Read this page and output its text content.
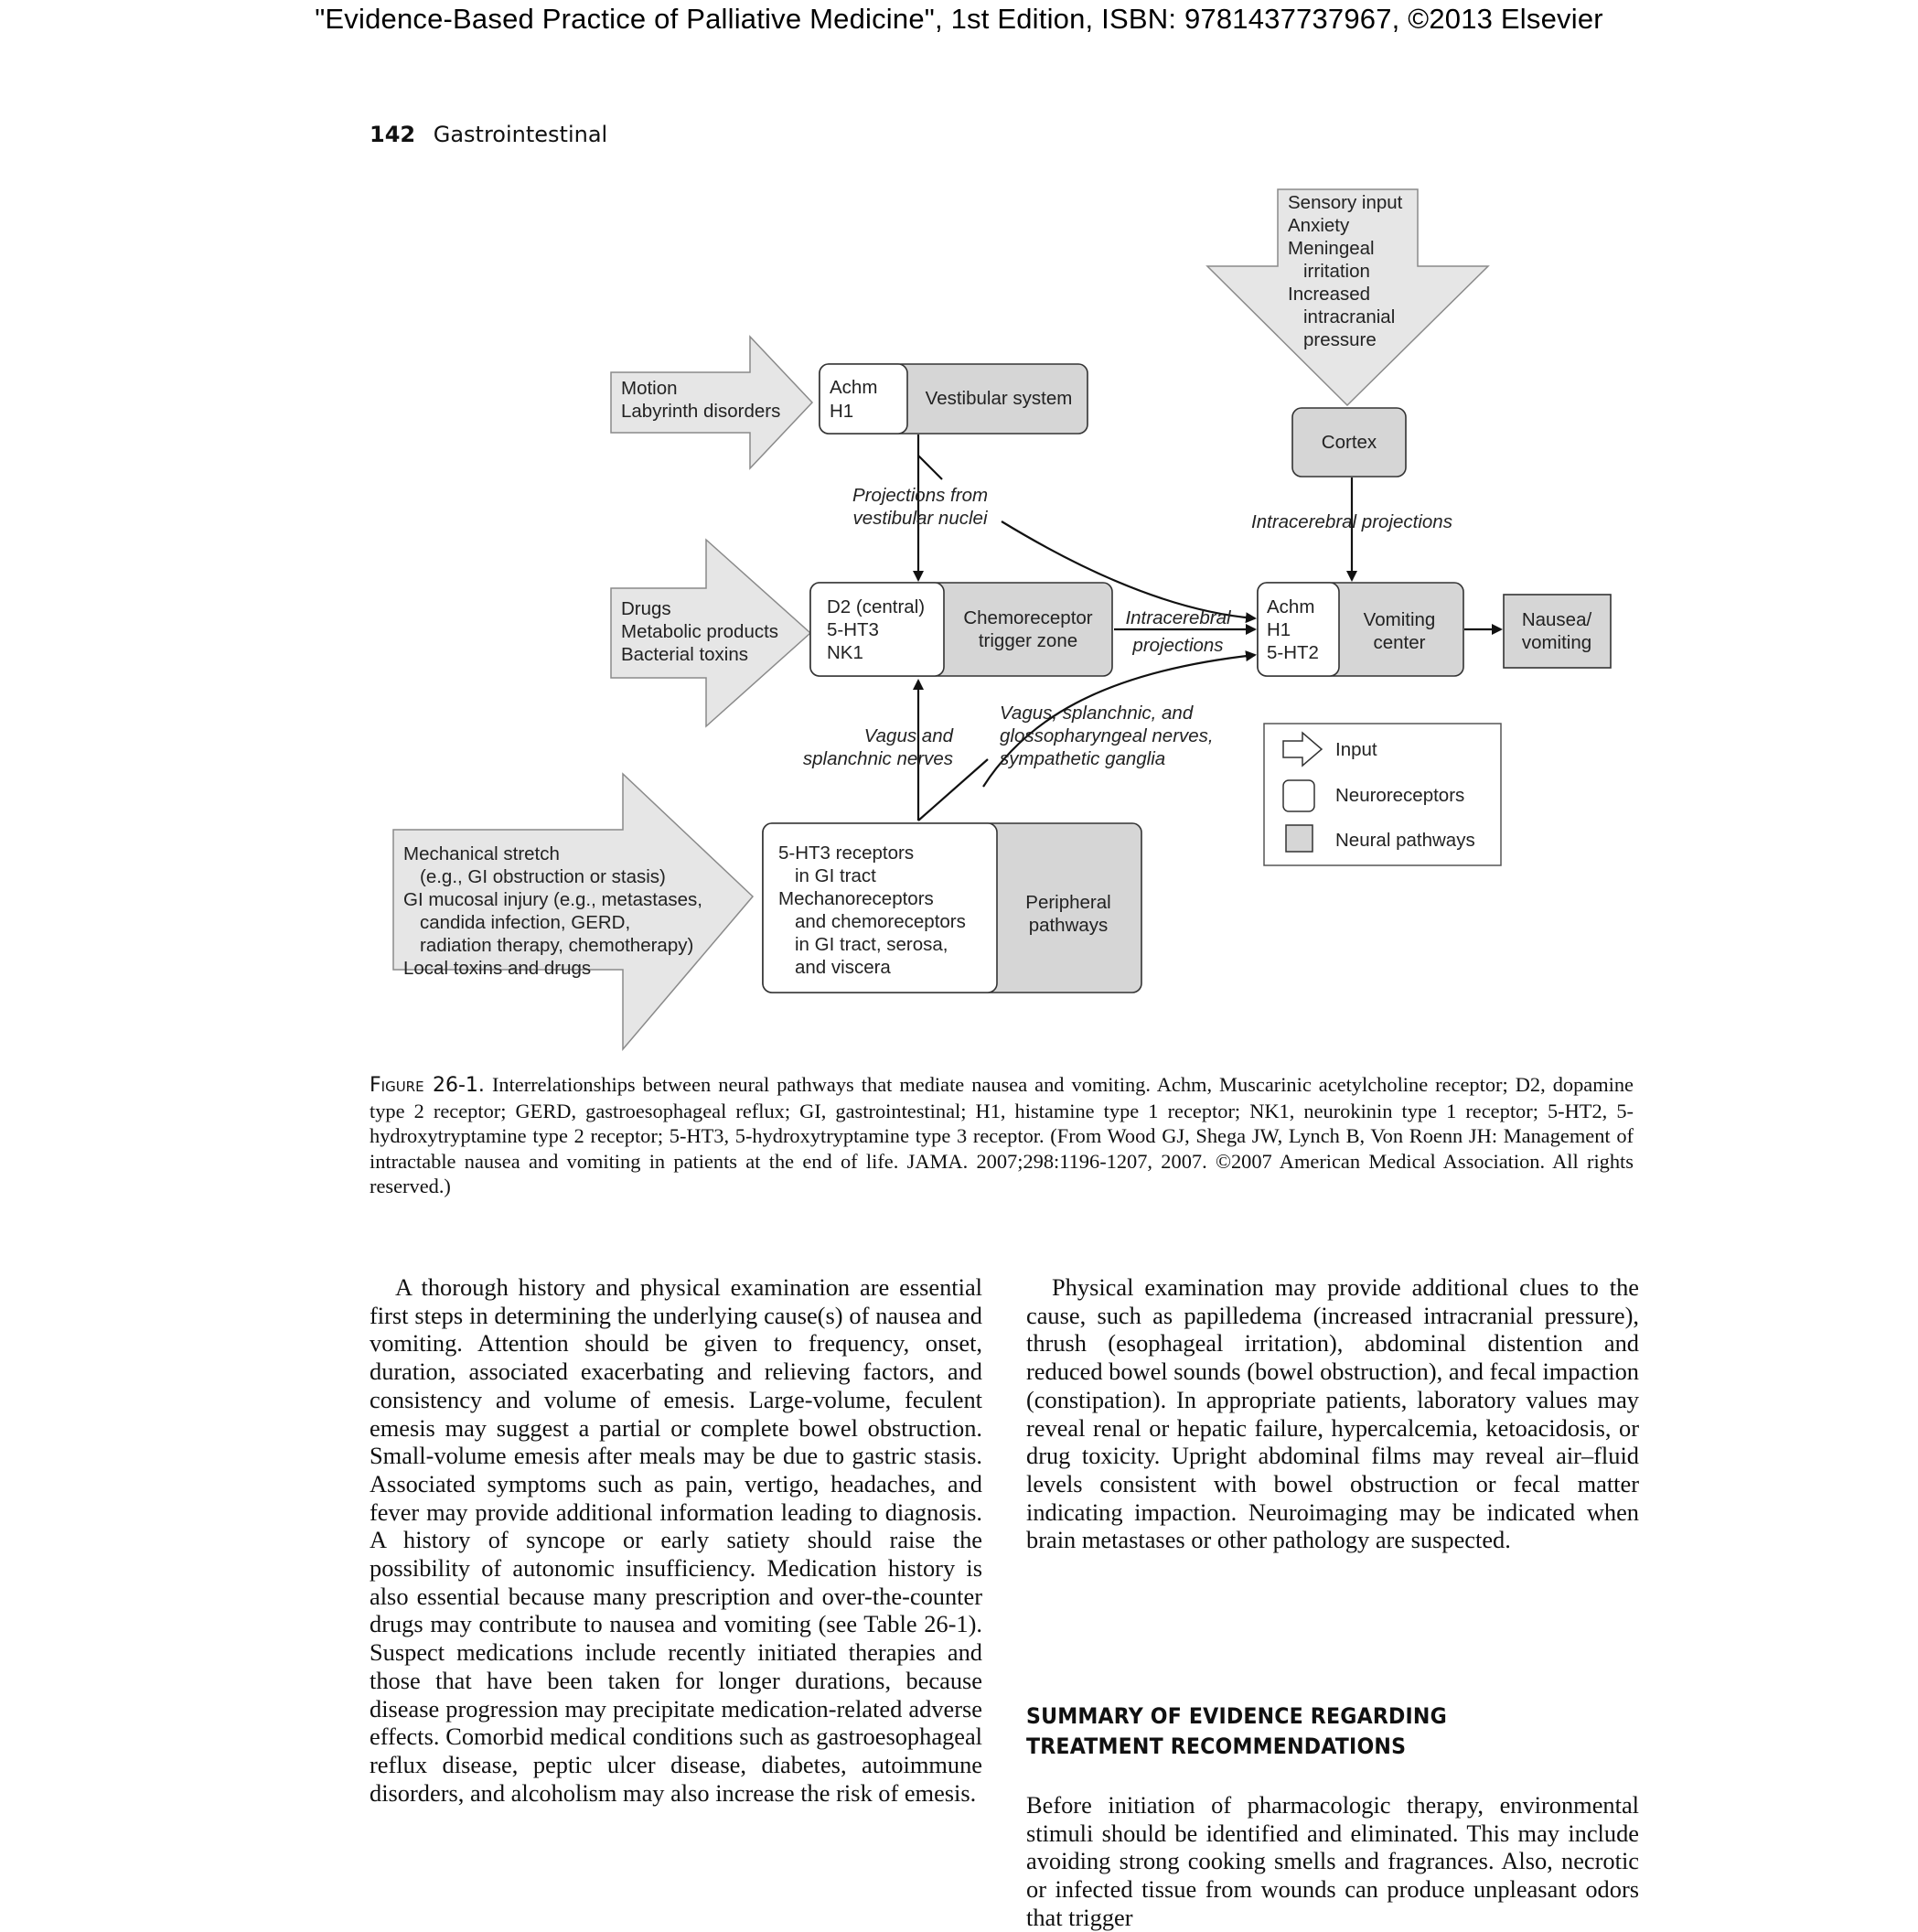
"Evidence-Based Practice of Palliative Medicine", 1st Edition, ISBN: 9781437737967, ©2013 Elsevier
142 Gastrointestinal
Motion Labyrinth disorders
Sensory input Anxiety Meningeal irritation Increased intracranial pressure
Drugs Metabolic products Bacterial toxins
Mechanical stretch (e.g., GI obstruction or stasis) GI mucosal injury (e.g., metastases, candida infection, GERD, radiation therapy, chemotherapy) Local toxins and drugs
Achm
H1
Vestibular system
Cortex
D2 (central)
5-HT3
NK1
Chemoreceptor
trigger zone
Achm
H1
5-HT2
Vomiting
center
Nausea/
vomiting
5-HT3 receptors
in GI tract
Mechanoreceptors
and chemoreceptors
in GI tract, serosa,
and viscera
Peripheral
pathways
Projections from
vestibular nuclei	Intracerebral projections
Intracerebral
projections
Vagus and
splanchnic nerves
Vagus, splanchnic, and
glossopharyngeal nerves,
sympathetic ganglia	Input
Neuroreceptors
Neural pathways
Figure 26-1. Interrelationships between neural pathways that mediate nausea and vomiting. Achm, Muscarinic acetylcholine receptor; D2, dopamine type 2 receptor; GERD, gastroesophageal reflux; GI, gastrointestinal; H1, histamine type 1 receptor; NK1, neurokinin type 1 receptor; 5-HT2, 5-hydroxytryptamine type 2 receptor; 5-HT3, 5-hydroxytryptamine type 3 receptor. (From Wood GJ, Shega JW, Lynch B, Von Roenn JH: Management of intractable nausea and vomiting in patients at the end of life. JAMA. 2007;298:1196-1207, 2007. ©2007 American Medical Association. All rights reserved.)

A thorough history and physical examination are essential first steps in determining the underlying cause(s) of nausea and vomiting. Attention should be given to frequency, onset, duration, associated exacerbating and relieving factors, and consistency and volume of emesis. Large-volume, feculent emesis may suggest a partial or complete bowel obstruction. Small-volume emesis after meals may be due to gastric stasis. Associated symptoms such as pain, vertigo, headaches, and fever may provide additional information leading to diagnosis. A history of syncope or early satiety should raise the possibility of autonomic insufficiency. Medication history is also essential because many prescription and over-the-counter drugs may contribute to nausea and vomiting (see Table 26-1). Suspect medications include recently initiated therapies and those that have been taken for longer durations, because disease progression may precipitate medication-related adverse effects. Comorbid medical conditions such as gastroesophageal reflux disease, peptic ulcer disease, diabetes, autoimmune disorders, and alcoholism may also increase the risk of emesis.

Physical examination may provide additional clues to the cause, such as papilledema (increased intracranial pressure), thrush (esophageal irritation), abdominal distention and reduced bowel sounds (bowel obstruction), and fecal impaction (constipation). In appropriate patients, laboratory values may reveal renal or hepatic failure, hypercalcemia, ketoacidosis, or drug toxicity. Upright abdominal films may reveal air–fluid levels consistent with bowel obstruction or fecal matter indicating impaction. Neuroimaging may be indicated when brain metastases or other pathology are suspected.

SUMMARY OF EVIDENCE REGARDING TREATMENT RECOMMENDATIONS

Before initiation of pharmacologic therapy, environmental stimuli should be identified and eliminated. This may include avoiding strong cooking smells and fragrances. Also, necrotic or infected tissue from wounds can produce unpleasant odors that trigger
